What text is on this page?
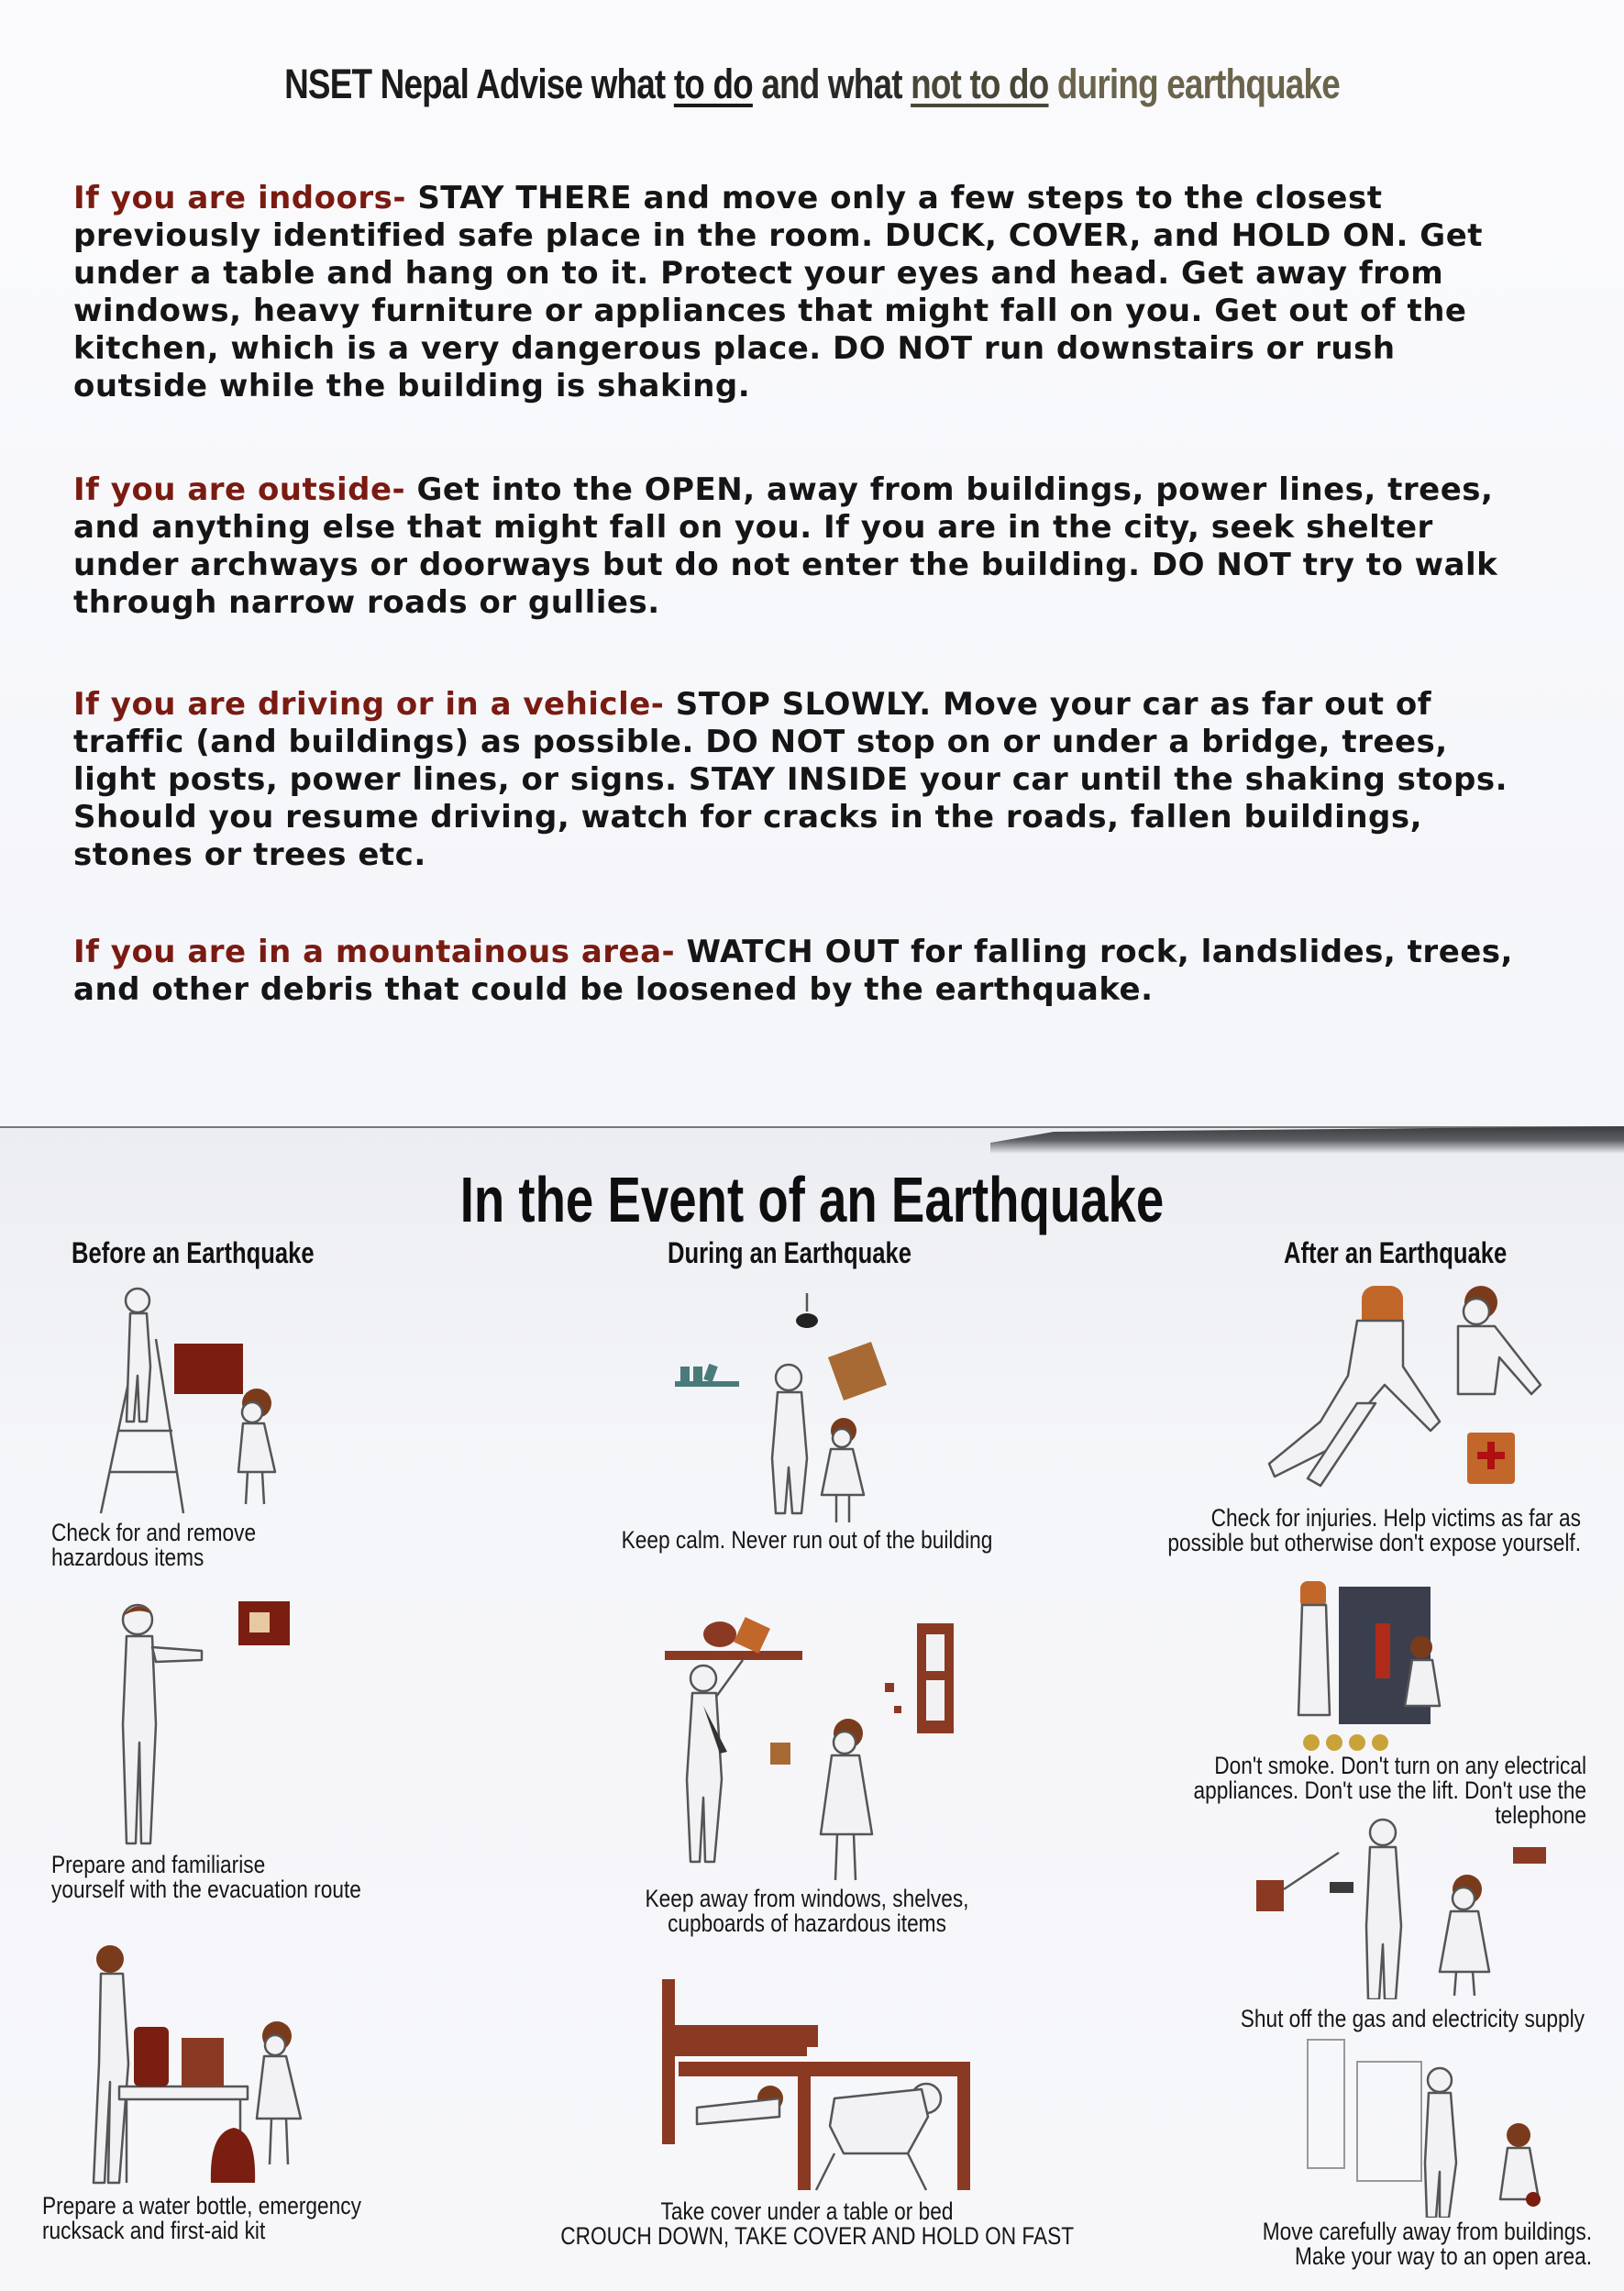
NSET Nepal Advise what to do and what not to do during earthquake
If you are indoors- STAY THERE and move only a few steps to the closest previously identified safe place in the room. DUCK, COVER, and HOLD ON. Get under a table and hang on to it. Protect your eyes and head. Get away from windows, heavy furniture or appliances that might fall on you. Get out of the kitchen, which is a very dangerous place. DO NOT run downstairs or rush outside while the building is shaking.
If you are outside- Get into the OPEN, away from buildings, power lines, trees, and anything else that might fall on you. If you are in the city, seek shelter under archways or doorways but do not enter the building. DO NOT try to walk through narrow roads or gullies.
If you are driving or in a vehicle- STOP SLOWLY. Move your car as far out of traffic (and buildings) as possible. DO NOT stop on or under a bridge, trees, light posts, power lines, or signs. STAY INSIDE your car until the shaking stops. Should you resume driving, watch for cracks in the roads, fallen buildings, stones or trees etc.
If you are in a mountainous area- WATCH OUT for falling rock, landslides, trees, and other debris that could be loosened by the earthquake.
In the Event of an Earthquake
Before an Earthquake	During an Earthquake	After an Earthquake
Check for and remove
hazardous items
Prepare and familiarise
yourself with the evacuation route
Prepare a water bottle, emergency
rucksack and first-aid kit
Keep calm. Never run out of the building
Keep away from windows, shelves,
cupboards of hazardous items
Take cover under a table or bed
CROUCH DOWN, TAKE COVER AND HOLD ON FAST
Check for injuries. Help victims as far as
possible but otherwise don't expose yourself.
Don't smoke. Don't turn on any electrical
appliances. Don't use the lift. Don't use the
telephone
Shut off the gas and electricity supply
Move carefully away from buildings.
Make your way to an open area.
